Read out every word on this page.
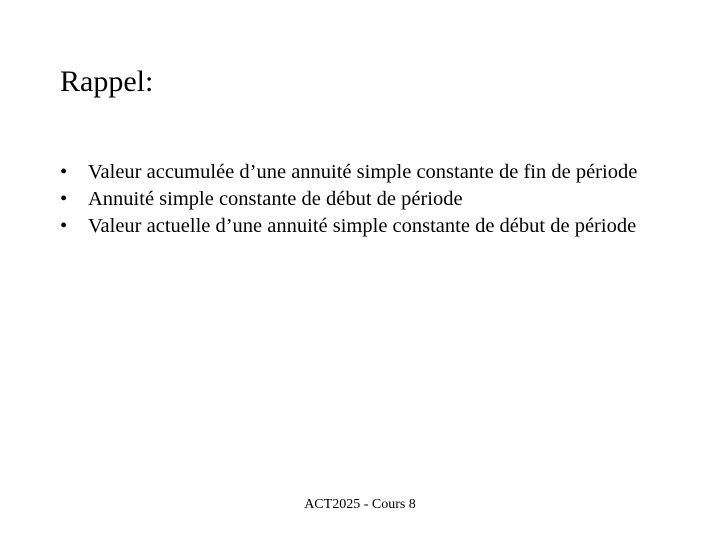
Rappel:
•	Valeur accumulée d’une annuité simple constante de fin de période
•	Annuité simple constante de début de période
•	Valeur actuelle d’une annuité simple constante de début de période
ACT2025 - Cours 8
